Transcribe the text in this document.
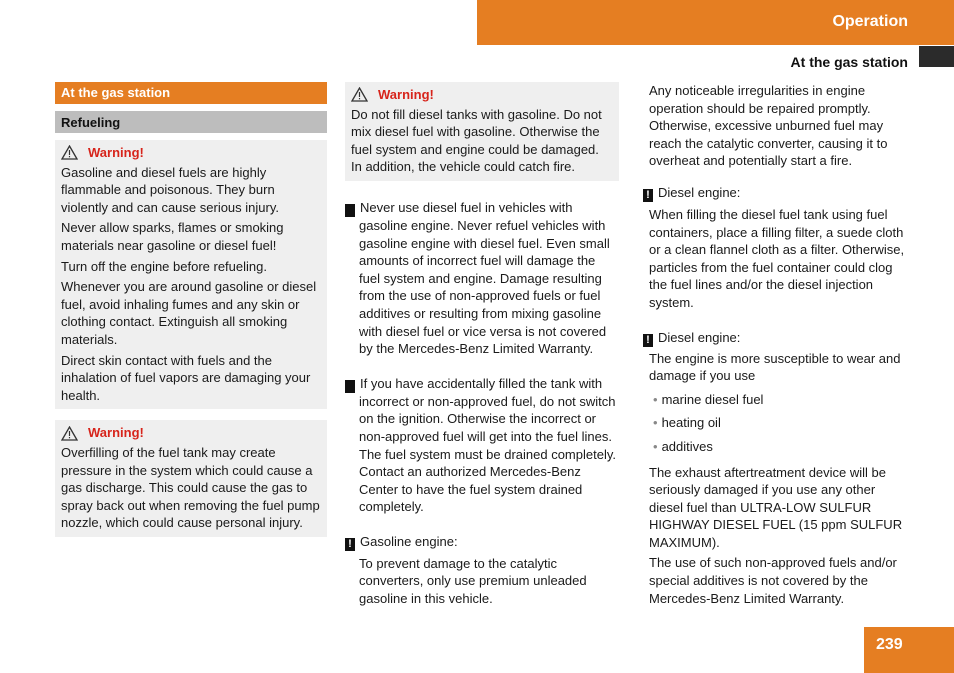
Operation
At the gas station
At the gas station
Refueling
Warning!

Gasoline and diesel fuels are highly flammable and poisonous. They burn violently and can cause serious injury.

Never allow sparks, flames or smoking materials near gasoline or diesel fuel!

Turn off the engine before refueling.

Whenever you are around gasoline or diesel fuel, avoid inhaling fumes and any skin or clothing contact. Extinguish all smoking materials.

Direct skin contact with fuels and the inhalation of fuel vapors are damaging your health.

Warning!

Overfilling of the fuel tank may create pressure in the system which could cause a gas discharge. This could cause the gas to spray back out when removing the fuel pump nozzle, which could cause personal injury.

Warning!

Do not fill diesel tanks with gasoline. Do not mix diesel fuel with gasoline. Otherwise the fuel system and engine could be damaged. In addition, the vehicle could catch fire.

! Never use diesel fuel in vehicles with gasoline engine. Never refuel vehicles with gasoline engine with diesel fuel. Even small amounts of incorrect fuel will damage the fuel system and engine. Damage resulting from the use of non-approved fuels or fuel additives or resulting from mixing gasoline with diesel fuel or vice versa is not covered by the Mercedes-Benz Limited Warranty.

! If you have accidentally filled the tank with incorrect or non-approved fuel, do not switch on the ignition. Otherwise the incorrect or non-approved fuel will get into the fuel lines. The fuel system must be drained completely. Contact an authorized Mercedes-Benz Center to have the fuel system drained completely.

! Gasoline engine:

To prevent damage to the catalytic converters, only use premium unleaded gasoline in this vehicle.

Any noticeable irregularities in engine operation should be repaired promptly. Otherwise, excessive unburned fuel may reach the catalytic converter, causing it to overheat and potentially start a fire.

! Diesel engine:

When filling the diesel fuel tank using fuel containers, place a filling filter, a suede cloth or a clean flannel cloth as a filter. Otherwise, particles from the fuel container could clog the fuel lines and/or the diesel injection system.

! Diesel engine:

The engine is more susceptible to wear and damage if you use

• marine diesel fuel
• heating oil
• additives

The exhaust aftertreatment device will be seriously damaged if you use any other diesel fuel than ULTRA-LOW SULFUR HIGHWAY DIESEL FUEL (15 ppm SULFUR MAXIMUM).

The use of such non-approved fuels and/or special additives is not covered by the Mercedes-Benz Limited Warranty.

239
